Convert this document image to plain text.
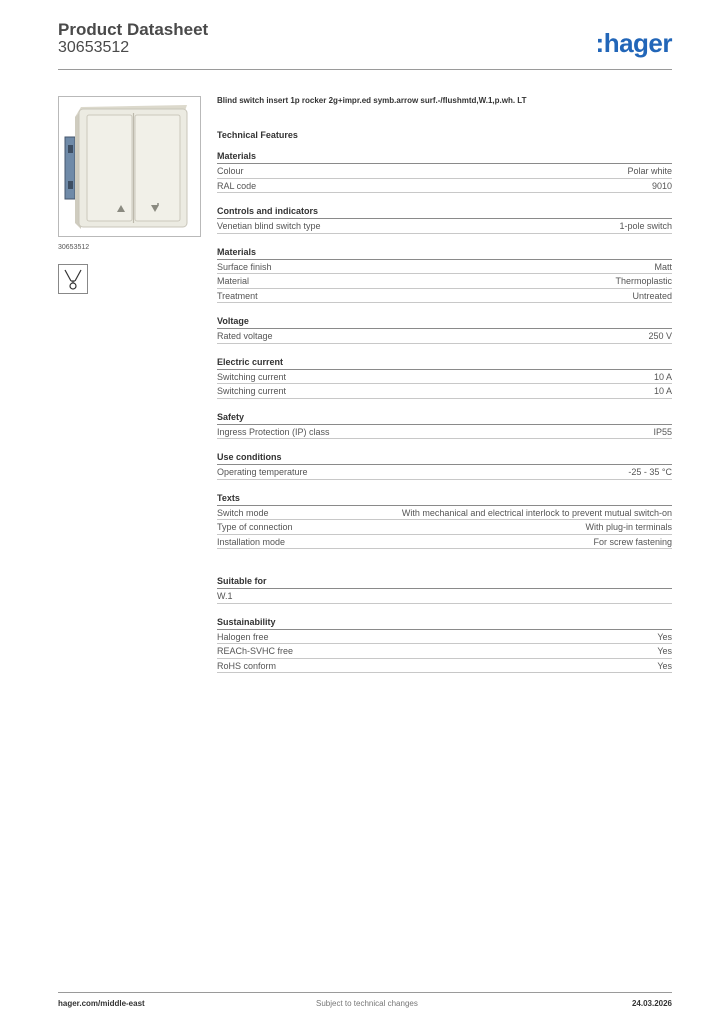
Product Datasheet
30653512	:hager
30653512
Blind switch insert 1p rocker 2g+impr.ed symb.arrow surf.-/flushmtd,W.1,p.wh. LT
Technical Features
Materials
Colour	Polar white
RAL code	9010
Controls and indicators
Venetian blind switch type	1-pole switch
Materials
Surface finish	Matt
Material	Thermoplastic
Treatment	Untreated
Voltage
Rated voltage	250 V
Electric current
Switching current	10 A
Switching current	10 A
Safety
Ingress Protection (IP) class	IP55
Use conditions
Operating temperature	-25 - 35 °C
Texts
Switch mode	With mechanical and electrical interlock to prevent mutual switch-on
Type of connection	With plug-in terminals
Installation mode	For screw fastening
Suitable for
W.1
Sustainability
Halogen free	Yes
REACh-SVHC free	Yes
RoHS conform	Yes
hager.com/middle-east	Subject to technical changes	24.03.2026
